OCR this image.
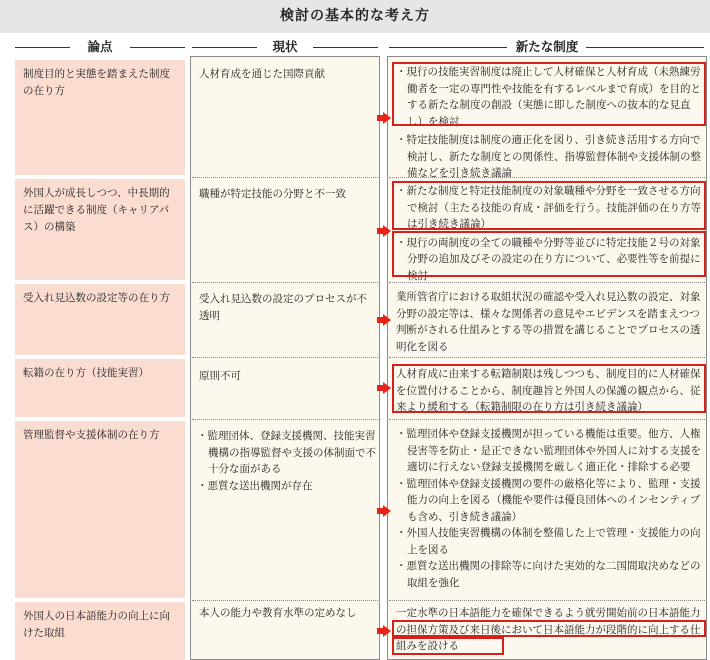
検討の基本的な考え方
論点	現状	新たな制度
制度目的と実態を踏まえた制度の在り方
外国人が成長しつつ、中長期的に活躍できる制度（キャリアパス）の構築
受入れ見込数の設定等の在り方
転籍の在り方（技能実習）
管理監督や支援体制の在り方
外国人の日本語能力の向上に向けた取組

人材育成を通じた国際貢献

職種が特定技能の分野と不一致

受入れ見込数の設定のプロセスが不透明

原則不可

・監理団体、登録支援機関、技能実習機構の指導監督や支援の体制面で不十分な面がある

・悪質な送出機関が存在

本人の能力や教育水準の定めなし

・現行の技能実習制度は廃止して人材確保と人材育成（未熟練労働者を一定の専門性や技能を有するレベルまで育成）を目的とする新たな制度の創設（実態に即した制度への抜本的な見直し）を検討

・特定技能制度は制度の適正化を図り、引き続き活用する方向で検討し、新たな制度との関係性、指導監督体制や支援体制の整備などを引き続き議論

・新たな制度と特定技能制度の対象職種や分野を一致させる方向で検討（主たる技能の育成・評価を行う。技能評価の在り方等は引き続き議論）

・現行の両制度の全ての職種や分野等並びに特定技能２号の対象分野の追加及びその設定の在り方について、必要性等を前提に検討

業所管省庁における取組状況の確認や受入れ見込数の設定、対象分野の設定等は、様々な関係者の意見やエビデンスを踏まえつつ判断がされる仕組みとする等の措置を講じることでプロセスの透明化を図る

人材育成に由来する転籍制限は残しつつも、制度目的に人材確保を位置付けることから、制度趣旨と外国人の保護の観点から、従来より緩和する（転籍制限の在り方は引き続き議論）

・監理団体や登録支援機関が担っている機能は重要。他方、人権侵害等を防止・是正できない監理団体や外国人に対する支援を適切に行えない登録支援機関を厳しく適正化・排除する必要

・監理団体や登録支援機関の要件の厳格化等により、監理・支援能力の向上を図る（機能や要件は優良団体へのインセンティブも含め、引き続き議論）

・外国人技能実習機構の体制を整備した上で管理・支援能力の向上を図る

・悪質な送出機関の排除等に向けた実効的な二国間取決めなどの取組を強化

一定水準の日本語能力を確保できるよう就労開始前の日本語能力の担保方策及び来日後において日本語能力が段階的に向上する仕組みを設ける
